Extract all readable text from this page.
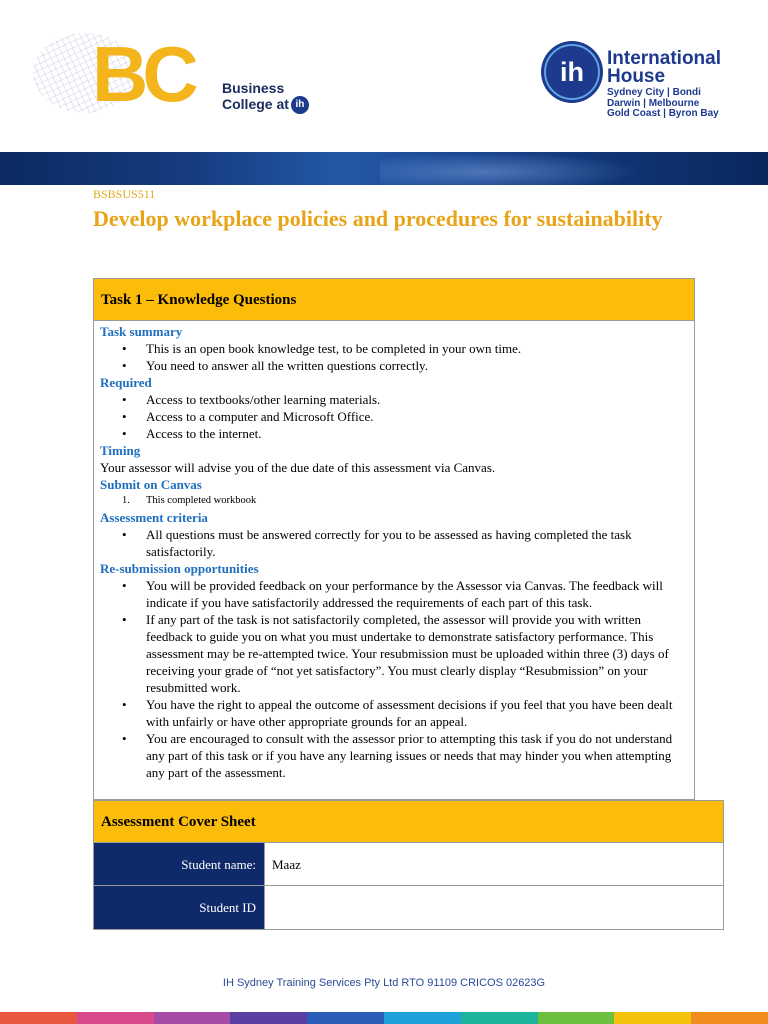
BC Business
College at ih
ih International
House
Sydney City | Bondi
Darwin | Melbourne
Gold Coast | Byron Bay
BSBSUS511
Develop workplace policies and procedures for sustainability
Task 1 – Knowledge Questions
Task summary
• This is an open book knowledge test, to be completed in your own time.
• You need to answer all the written questions correctly.
Required
• Access to textbooks/other learning materials.
• Access to a computer and Microsoft Office.
• Access to the internet.
Timing
Your assessor will advise you of the due date of this assessment via Canvas.
Submit on Canvas
1. This completed workbook
Assessment criteria
• All questions must be answered correctly for you to be assessed as having completed the task satisfactorily.
Re-submission opportunities
• You will be provided feedback on your performance by the Assessor via Canvas. The feedback will indicate if you have satisfactorily addressed the requirements of each part of this task.
• If any part of the task is not satisfactorily completed, the assessor will provide you with written feedback to guide you on what you must undertake to demonstrate satisfactory performance. This assessment may be re-attempted twice. Your resubmission must be uploaded within three (3) days of receiving your grade of “not yet satisfactory”. You must clearly display “Resubmission” on your resubmitted work.
• You have the right to appeal the outcome of assessment decisions if you feel that you have been dealt with unfairly or have other appropriate grounds for an appeal.
• You are encouraged to consult with the assessor prior to attempting this task if you do not understand any part of this task or if you have any learning issues or needs that may hinder you when attempting any part of the assessment.
Assessment Cover Sheet
Student name:	Maaz
Student ID
IH Sydney Training Services Pty Ltd RTO 91109 CRICOS 02623G
